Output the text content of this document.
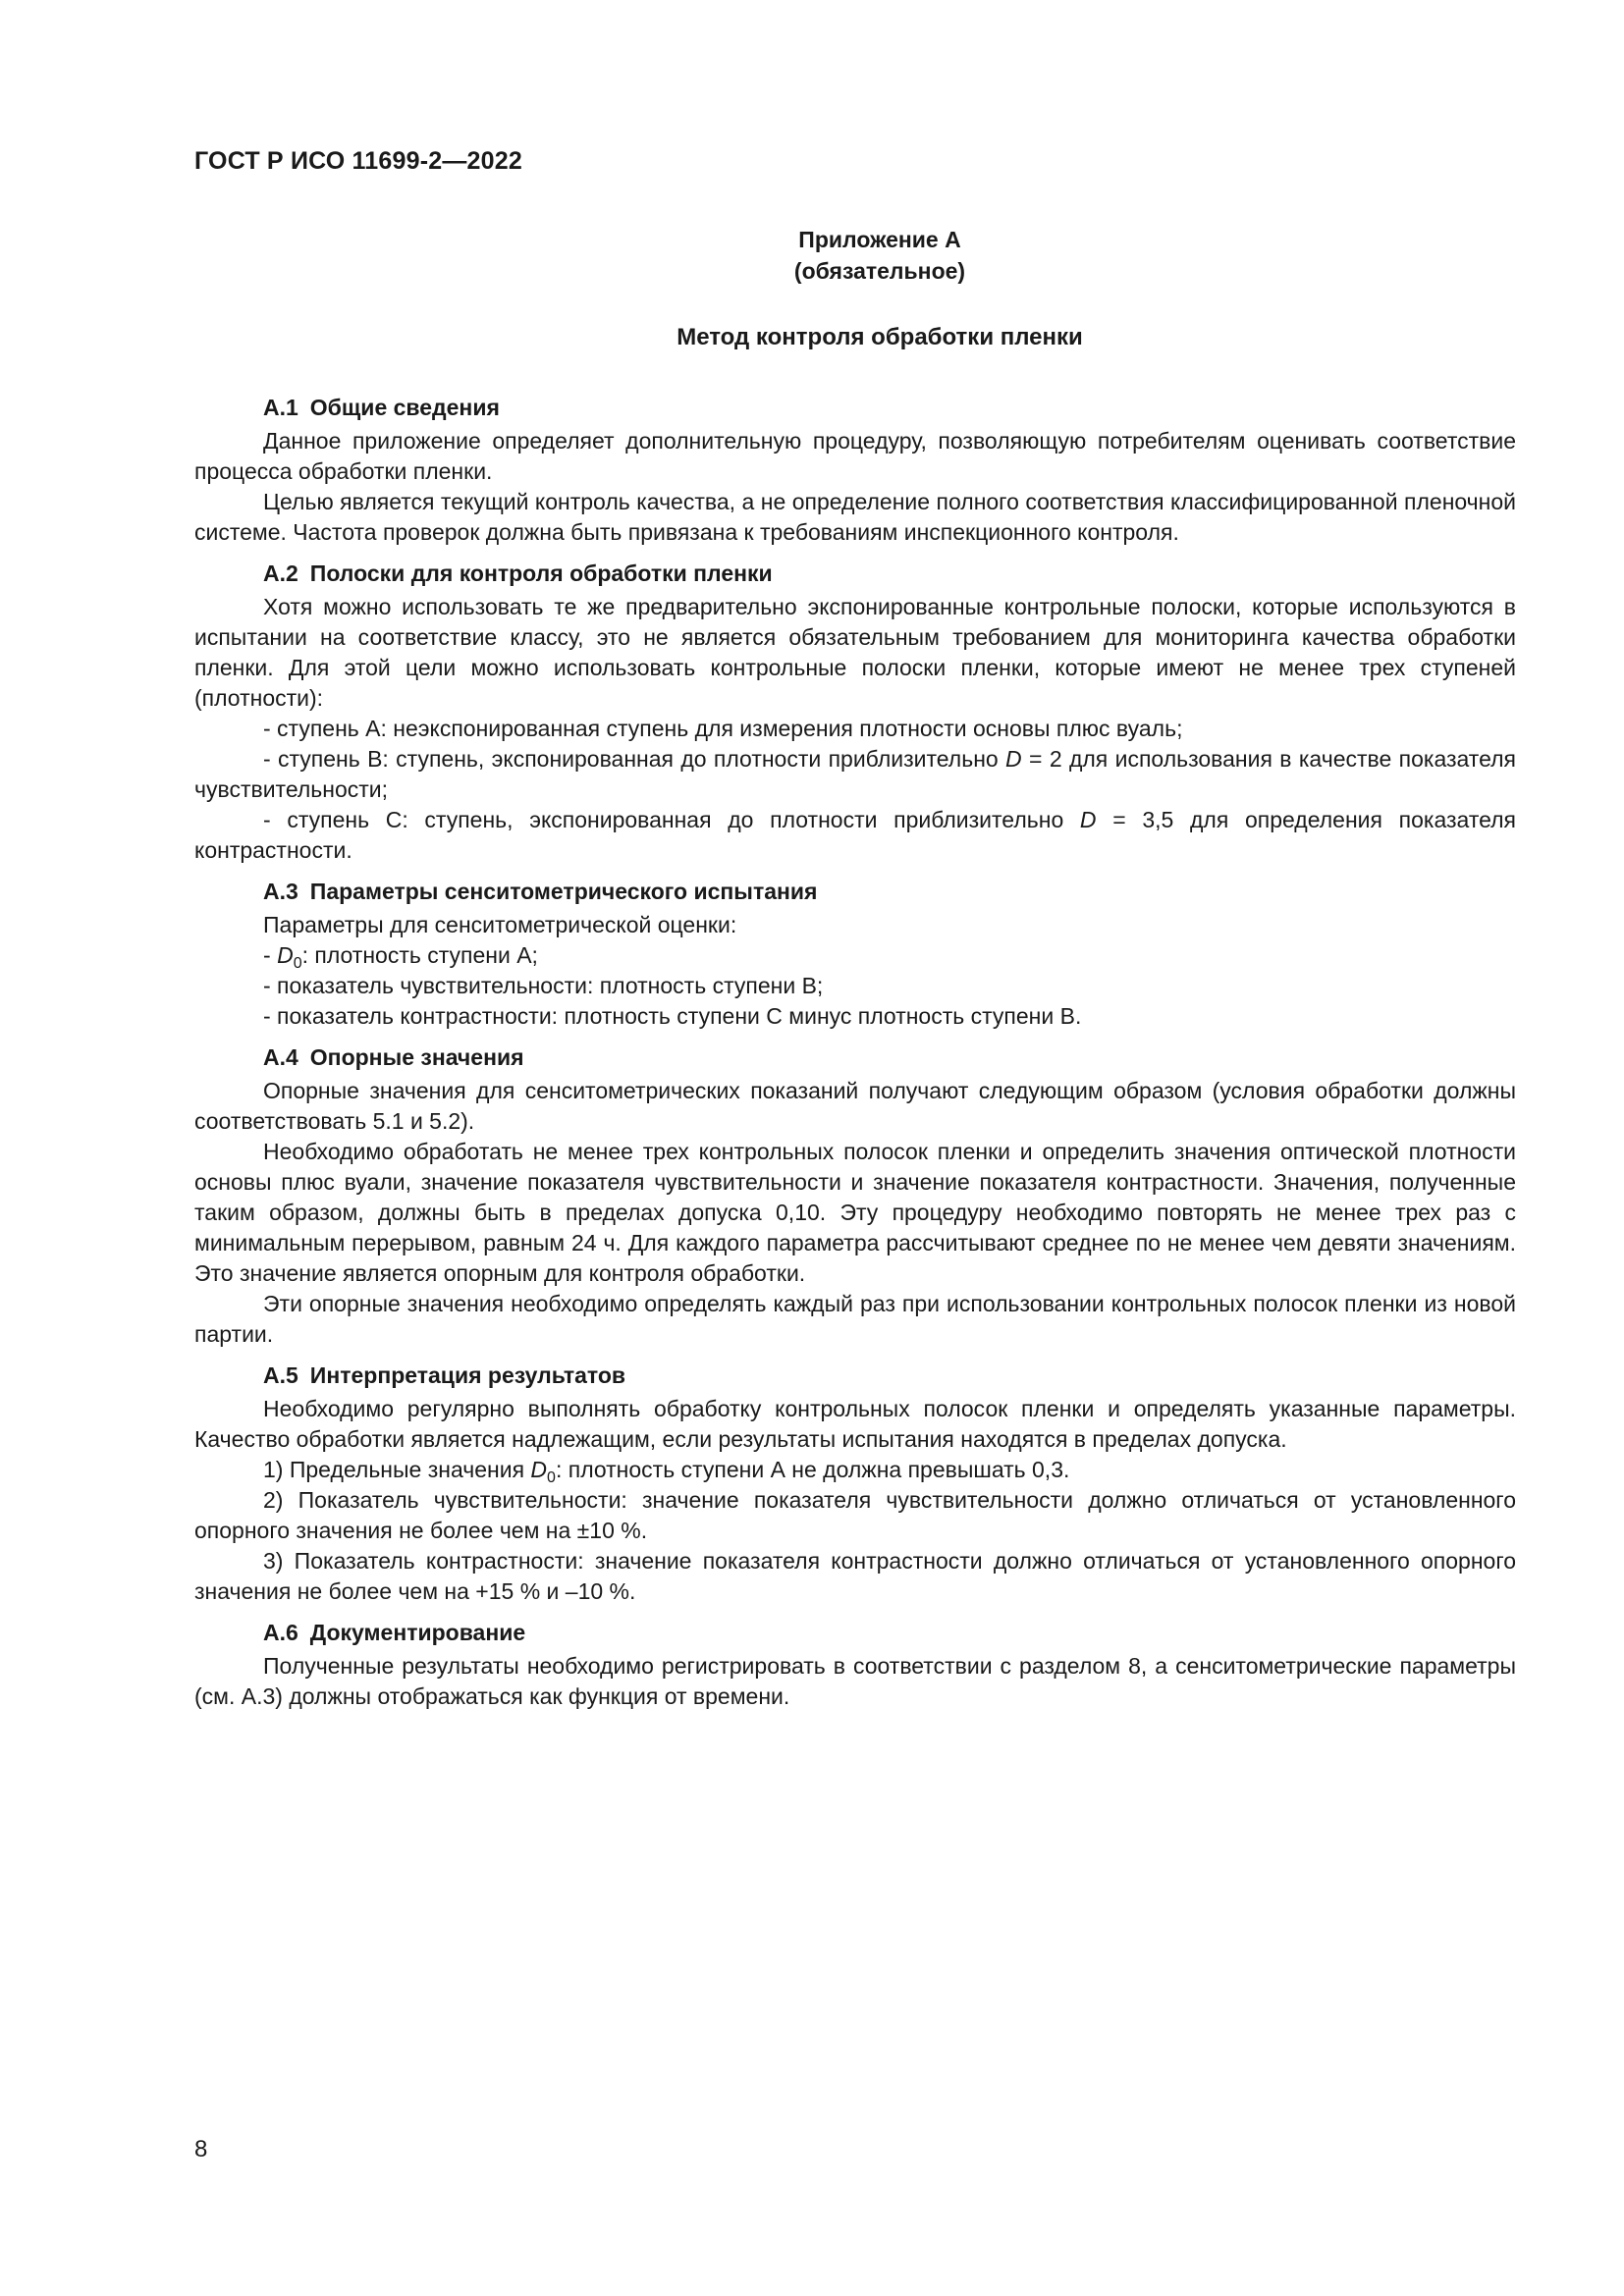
ГОСТ Р ИСО 11699-2—2022
Приложение А
(обязательное)
Метод контроля обработки пленки
А.1 Общие сведения

Данное приложение определяет дополнительную процедуру, позволяющую потребителям оценивать соответствие процесса обработки пленки.

Целью является текущий контроль качества, а не определение полного соответствия классифицированной пленочной системе. Частота проверок должна быть привязана к требованиям инспекционного контроля.

А.2 Полоски для контроля обработки пленки

Хотя можно использовать те же предварительно экспонированные контрольные полоски, которые используются в испытании на соответствие классу, это не является обязательным требованием для мониторинга качества обработки пленки. Для этой цели можно использовать контрольные полоски пленки, которые имеют не менее трех ступеней (плотности):

- ступень А: неэкспонированная ступень для измерения плотности основы плюс вуаль;

- ступень В: ступень, экспонированная до плотности приблизительно D = 2 для использования в качестве показателя чувствительности;

- ступень С: ступень, экспонированная до плотности приблизительно D = 3,5 для определения показателя контрастности.

А.3 Параметры сенситометрического испытания

Параметры для сенситометрической оценки:

- $D_0$: плотность ступени А;

- показатель чувствительности: плотность ступени В;

- показатель контрастности: плотность ступени С минус плотность ступени В.

А.4 Опорные значения

Опорные значения для сенситометрических показаний получают следующим образом (условия обработки должны соответствовать 5.1 и 5.2).

Необходимо обработать не менее трех контрольных полосок пленки и определить значения оптической плотности основы плюс вуали, значение показателя чувствительности и значение показателя контрастности. Значения, полученные таким образом, должны быть в пределах допуска 0,10. Эту процедуру необходимо повторять не менее трех раз с минимальным перерывом, равным 24 ч. Для каждого параметра рассчитывают среднее по не менее чем девяти значениям. Это значение является опорным для контроля обработки.

Эти опорные значения необходимо определять каждый раз при использовании контрольных полосок пленки из новой партии.

А.5 Интерпретация результатов

Необходимо регулярно выполнять обработку контрольных полосок пленки и определять указанные параметры. Качество обработки является надлежащим, если результаты испытания находятся в пределах допуска.

1) Предельные значения $D_0$: плотность ступени А не должна превышать 0,3.

2) Показатель чувствительности: значение показателя чувствительности должно отличаться от установленного опорного значения не более чем на ±10 %.

3) Показатель контрастности: значение показателя контрастности должно отличаться от установленного опорного значения не более чем на +15 % и –10 %.

А.6 Документирование

Полученные результаты необходимо регистрировать в соответствии с разделом 8, а сенситометрические параметры (см. А.3) должны отображаться как функция от времени.

8
